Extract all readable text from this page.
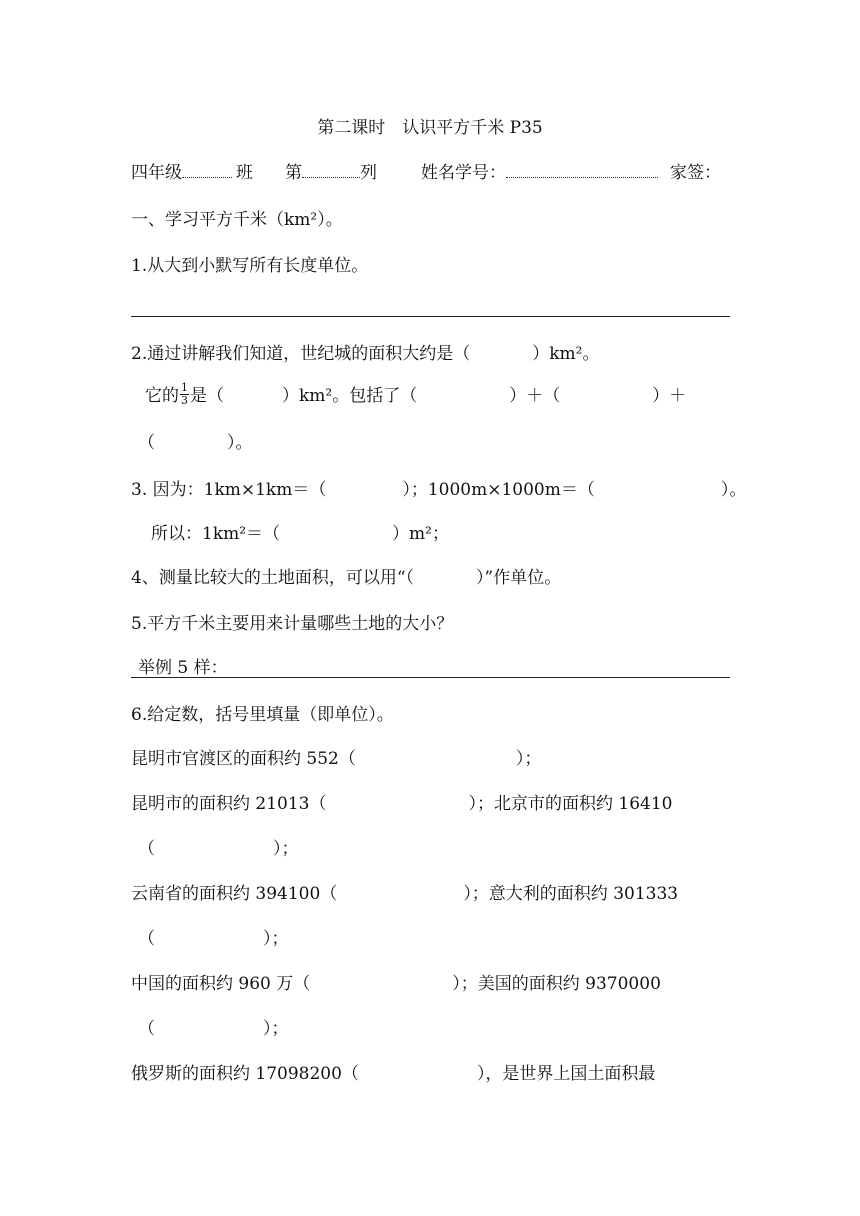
第二课时　认识平方千米 P35
四年级	班 第	列	姓名学号：	家签：
一、学习平方千米（km²）。
1.从大到小默写所有长度单位。
2.通过讲解我们知道，世纪城的面积大约是（	）km²。
它的 $\frac{1}{3}$ 是（	）km²。包括了（	）＋（	）＋
（	）。
3. 因为：1km×1km＝（	）；1000m×1000m＝（	）。
所以：1km²＝（	）m²；
4、测量比较大的土地面积，可以用“（	）”作单位。
5.平方千米主要用来计量哪些土地的大小？
举例 5 样：
6.给定数，括号里填量（即单位）。
昆明市官渡区的面积约 552（	）；
昆明市的面积约 21013（	）；北京市的面积约 16410
（	）；
云南省的面积约 394100（	）；意大利的面积约 301333
（	）；
中国的面积约 960 万（	）；美国的面积约 9370000
（	）；
俄罗斯的面积约 17098200（	），是世界上国土面积最
